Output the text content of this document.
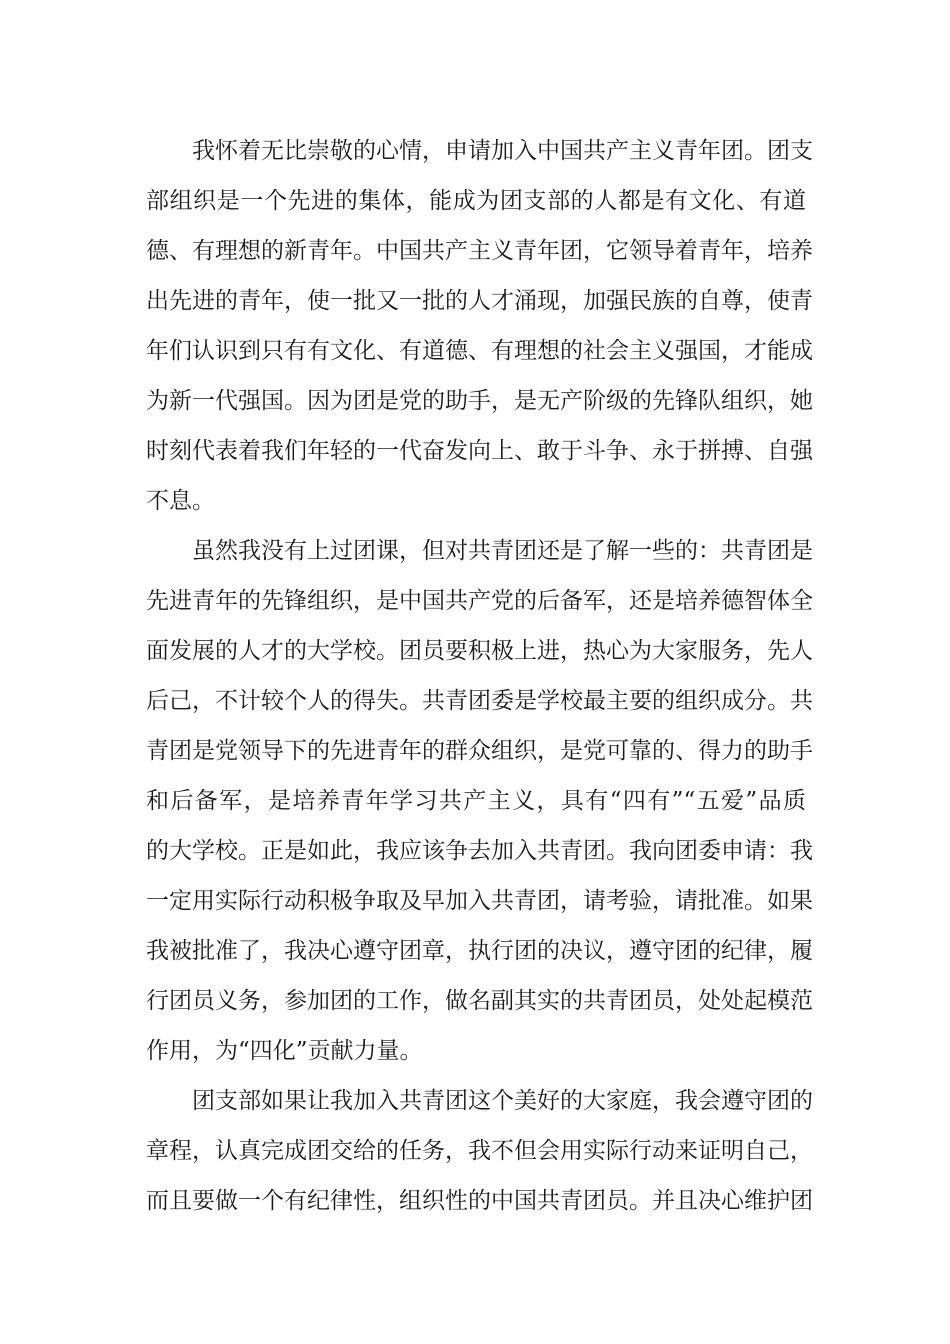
我怀着无比崇敬的心情，申请加入中国共产主义青年团。团支
部组织是一个先进的集体，能成为团支部的人都是有文化、有道
德、有理想的新青年。中国共产主义青年团，它领导着青年，培养
出先进的青年，使一批又一批的人才涌现，加强民族的自尊，使青
年们认识到只有有文化、有道德、有理想的社会主义强国，才能成
为新一代强国。因为团是党的助手，是无产阶级的先锋队组织，她
时刻代表着我们年轻的一代奋发向上、敢于斗争、永于拼搏、自强
不息。
虽然我没有上过团课，但对共青团还是了解一些的：共青团是
先进青年的先锋组织，是中国共产党的后备军，还是培养德智体全
面发展的人才的大学校。团员要积极上进，热心为大家服务，先人
后己，不计较个人的得失。共青团委是学校最主要的组织成分。共
青团是党领导下的先进青年的群众组织，是党可靠的、得力的助手
和后备军，是培养青年学习共产主义，具有“四有”“五爱”品质
的大学校。正是如此，我应该争去加入共青团。我向团委申请：我
一定用实际行动积极争取及早加入共青团，请考验，请批准。如果
我被批准了，我决心遵守团章，执行团的决议，遵守团的纪律，履
行团员义务，参加团的工作，做名副其实的共青团员，处处起模范
作用，为“四化”贡献力量。
团支部如果让我加入共青团这个美好的大家庭，我会遵守团的
章程，认真完成团交给的任务，我不但会用实际行动来证明自己，
而且要做一个有纪律性，组织性的中国共青团员。并且决心维护团
